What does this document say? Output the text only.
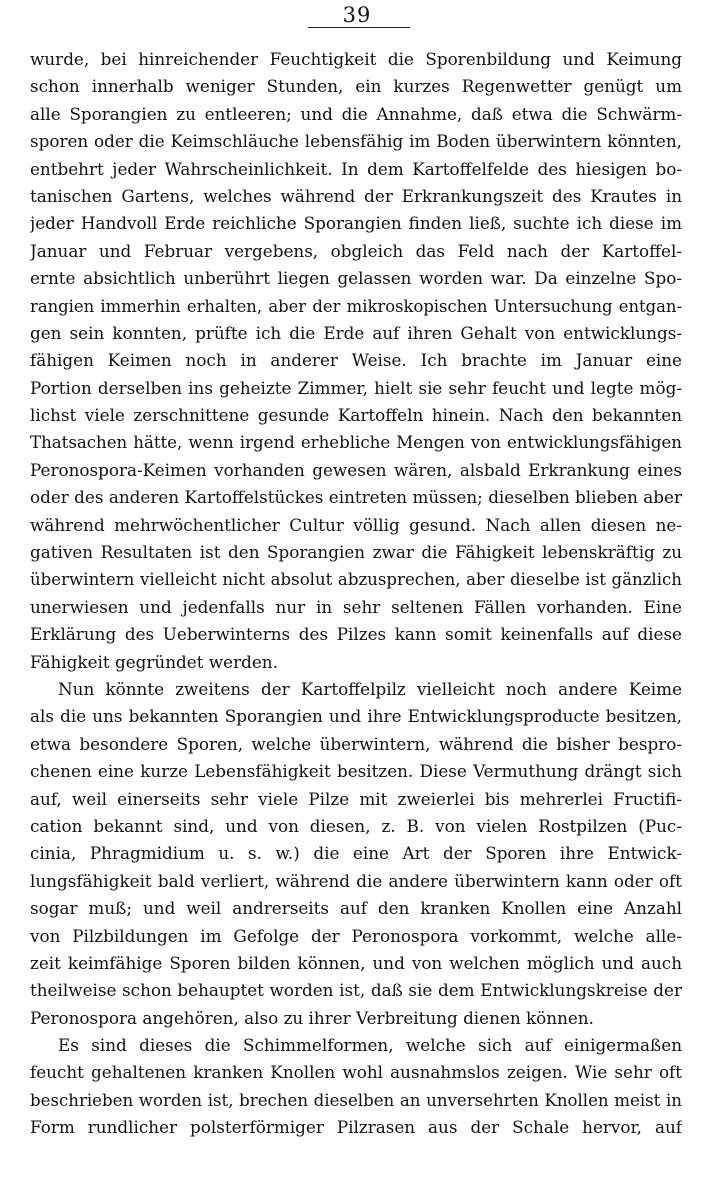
39
wurde, bei hinreichender Feuchtigkeit die Sporenbildung und Keimung
schon innerhalb weniger Stunden, ein kurzes Regenwetter genügt um
alle Sporangien zu entleeren; und die Annahme, daß etwa die Schwärm-
sporen oder die Keimschläuche lebensfähig im Boden überwintern könnten,
entbehrt jeder Wahrscheinlichkeit. In dem Kartoffelfelde des hiesigen bo-
tanischen Gartens, welches während der Erkrankungszeit des Krautes in
jeder Handvoll Erde reichliche Sporangien finden ließ, suchte ich diese im
Januar und Februar vergebens, obgleich das Feld nach der Kartoffel-
ernte absichtlich unberührt liegen gelassen worden war. Da einzelne Spo-
rangien immerhin erhalten, aber der mikroskopischen Untersuchung entgan-
gen sein konnten, prüfte ich die Erde auf ihren Gehalt von entwicklungs-
fähigen Keimen noch in anderer Weise. Ich brachte im Januar eine
Portion derselben ins geheizte Zimmer, hielt sie sehr feucht und legte mög-
lichst viele zerschnittene gesunde Kartoffeln hinein. Nach den bekannten
Thatsachen hätte, wenn irgend erhebliche Mengen von entwicklungsfähigen
Peronospora-Keimen vorhanden gewesen wären, alsbald Erkrankung eines
oder des anderen Kartoffelstückes eintreten müssen; dieselben blieben aber
während mehrwöchentlicher Cultur völlig gesund. Nach allen diesen ne-
gativen Resultaten ist den Sporangien zwar die Fähigkeit lebenskräftig zu
überwintern vielleicht nicht absolut abzusprechen, aber dieselbe ist gänzlich
unerwiesen und jedenfalls nur in sehr seltenen Fällen vorhanden. Eine
Erklärung des Ueberwinterns des Pilzes kann somit keinenfalls auf diese
Fähigkeit gegründet werden.
Nun könnte zweitens der Kartoffelpilz vielleicht noch andere Keime
als die uns bekannten Sporangien und ihre Entwicklungsproducte besitzen,
etwa besondere Sporen, welche überwintern, während die bisher bespro-
chenen eine kurze Lebensfähigkeit besitzen. Diese Vermuthung drängt sich
auf, weil einerseits sehr viele Pilze mit zweierlei bis mehrerlei Fructifi-
cation bekannt sind, und von diesen, z. B. von vielen Rostpilzen (Puc-
cinia, Phragmidium u. s. w.) die eine Art der Sporen ihre Entwick-
lungsfähigkeit bald verliert, während die andere überwintern kann oder oft
sogar muß; und weil andrerseits auf den kranken Knollen eine Anzahl
von Pilzbildungen im Gefolge der Peronospora vorkommt, welche alle-
zeit keimfähige Sporen bilden können, und von welchen möglich und auch
theilweise schon behauptet worden ist, daß sie dem Entwicklungskreise der
Peronospora angehören, also zu ihrer Verbreitung dienen können.
Es sind dieses die Schimmelformen, welche sich auf einigermaßen
feucht gehaltenen kranken Knollen wohl ausnahmslos zeigen. Wie sehr oft
beschrieben worden ist, brechen dieselben an unversehrten Knollen meist in
Form rundlicher polsterförmiger Pilzrasen aus der Schale hervor, auf
